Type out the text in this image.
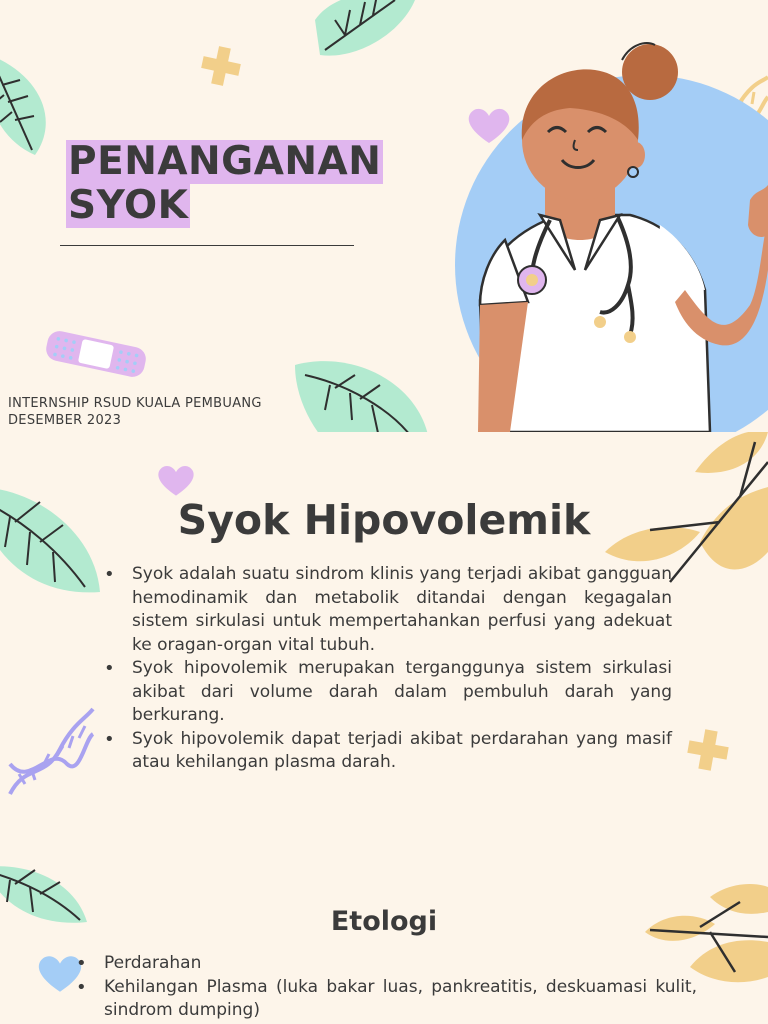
PENANGANAN
SYOK
INTERNSHIP RSUD KUALA PEMBUANG
DESEMBER 2023
Syok Hipovolemik
• Syok adalah suatu sindrom klinis yang terjadi akibat gangguan hemodinamik dan metabolik ditandai dengan kegagalan sistem sirkulasi untuk mempertahankan perfusi yang adekuat ke oragan-organ vital tubuh.
• Syok hipovolemik merupakan terganggunya sistem sirkulasi akibat dari volume darah dalam pembuluh darah yang berkurang.
• Syok hipovolemik dapat terjadi akibat perdarahan yang masif atau kehilangan plasma darah.
Etologi
• Perdarahan
• Kehilangan Plasma (luka bakar luas, pankreatitis, deskuamasi kulit, sindrom dumping)
